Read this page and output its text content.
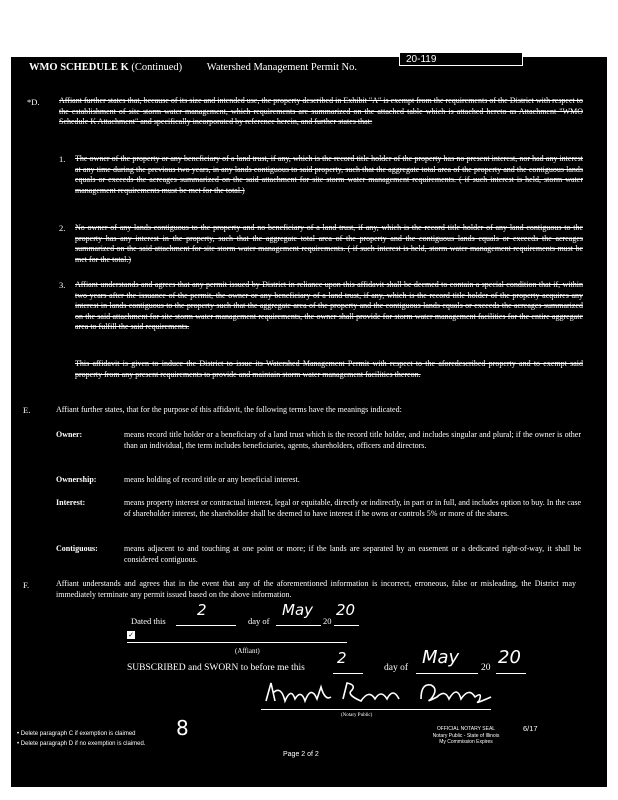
WMO SCHEDULE K (Continued) Watershed Management Permit No.
20-119
*D. Affiant further states that, because of its size and intended use, the property described in Exhibit "A" is exempt from the requirements of the District with respect to the establishment of site storm water management, which requirements are summarized on the attached table which is attached hereto as Attachment "WMO Schedule K Attachment" and specifically incorporated by reference herein, and further states that:
1. The owner of the property or any beneficiary of a land trust, if any, which is the record title holder of the property has no present interest, nor had any interest at any time during the previous two years, in any lands contiguous to said property, such that the aggregate total area of the property and the contiguous lands equals or exceeds the acreages summarized on the said attachment for site storm water management requirements. ( if such interest is held, storm water management requirements must be met for the total.)
2. No owner of any lands contiguous to the property and no beneficiary of a land trust, if any, which is the record title holder of any land contiguous to the property has any interest in the property, such that the aggregate total area of the property and the contiguous lands equals or exceeds the acreages summarized on the said attachment for site storm water management requirements. ( if such interest is held, storm water management requirements must be met for the total.)
3. Affiant understands and agrees that any permit issued by District in reliance upon this affidavit shall be deemed to contain a special condition that if, within two years after the issuance of the permit, the owner or any beneficiary of a land trust, if any, which is the record title holder of the property acquires any interest in lands contiguous to the property such that the aggregate area of the property and the contiguous lands equals or exceeds the acreages summarized on the said attachment for site storm water management requirements, the owner shall provide for storm water management facilities for the entire aggregate area to fulfill the said requirements.
This affidavit is given to induce the District to issue its Watershed Management Permit with respect to the aforedescribed property and to exempt said property from any present requirements to provide and maintain storm water management facilities thereon.
E.	Affiant further states, that for the purpose of this affidavit, the following terms have the meanings indicated:
Owner:	means record title holder or a beneficiary of a land trust which is the record title holder, and includes singular and plural; if the owner is other than an individual, the term includes beneficiaries, agents, shareholders, officers and directors.
Ownership:	means holding of record title or any beneficial interest.
Interest:	means property interest or contractual interest, legal or equitable, directly or indirectly, in part or in full, and includes option to buy. In the case of shareholder interest, the shareholder shall be deemed to have interest if he owns or controls 5% or more of the shares.
Contiguous:	means adjacent to and touching at one point or more; if the lands are separated by an easement or a dedicated right-of-way, it shall be considered contiguous.
F.	Affiant understands and agrees that in the event that any of the aforementioned information is incorrect, erroneous, false or misleading, the District may immediately terminate any permit issued based on the above information.
Dated this
2
day of
May
20
20
✓
(Affiant)
SUBSCRIBED and SWORN to before me this
2
day of May 20 20
(Notary Public)
• Delete paragraph C if exemption is claimed
• Delete paragraph D if no exemption is claimed.
8
Page 2 of 2
6/17
OFFICIAL NOTARY SEAL
Notary Public - State of Illinois
My Commission Expires
